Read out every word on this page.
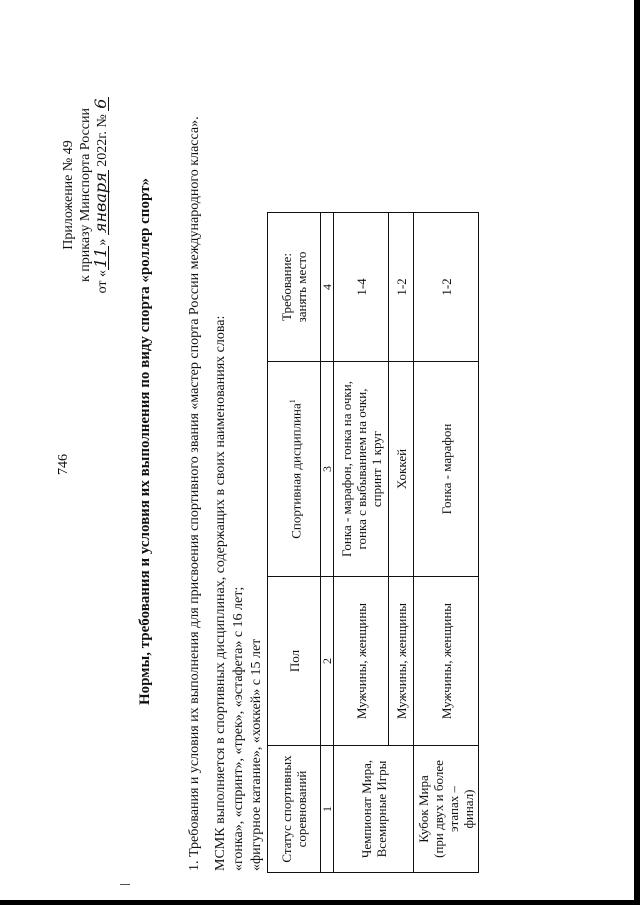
746
Приложение № 49 к приказу Минспорта России от «11» января 2022г. № 6
Нормы, требования и условия их выполнения по виду спорта «роллер спорт» 1. Требования и условия их выполнения для присвоения спортивного звания «мастер спорта России международного класса». МСМК выполняется в спортивных дисциплинах, содержащих в своих наименованиях слова: «гонка», «спринт», «трек», «эстафета» с 16 лет; «фигурное катание», «хоккей» с 15 лет Статус спортивных
соревнований	Пол	Спортивная дисциплина$^1$	Требование:
занять место
1	2	3	4
Чемпионат Мира,
Всемирные Игры	Мужчины, женщины	Гонка - марафон, гонка на очки,
гонка с выбыванием на очки,
спринт 1 круг	1-4
	Мужчины, женщины	Хоккей	1-2
Кубок Мира
(при двух и более этапах –
финал)	Мужчины, женщины	Гонка - марафон	1-2
